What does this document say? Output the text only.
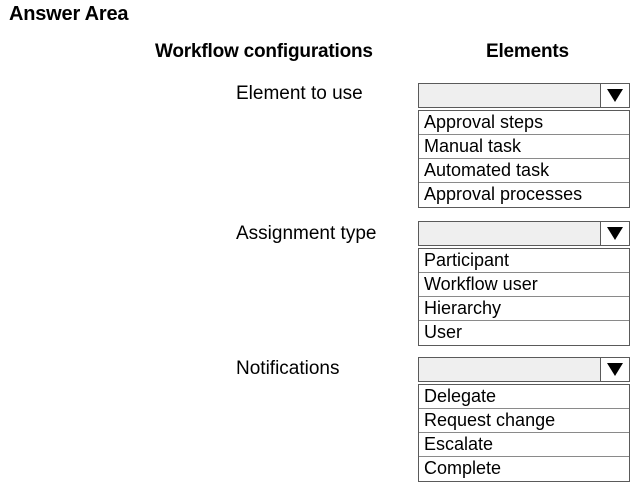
Answer Area
Workflow configurations	Elements
Element to use
Approval steps
Manual task
Automated task
Approval processes
Assignment type
Participant
Workflow user
Hierarchy
User
Notifications
Delegate
Request change
Escalate
Complete
